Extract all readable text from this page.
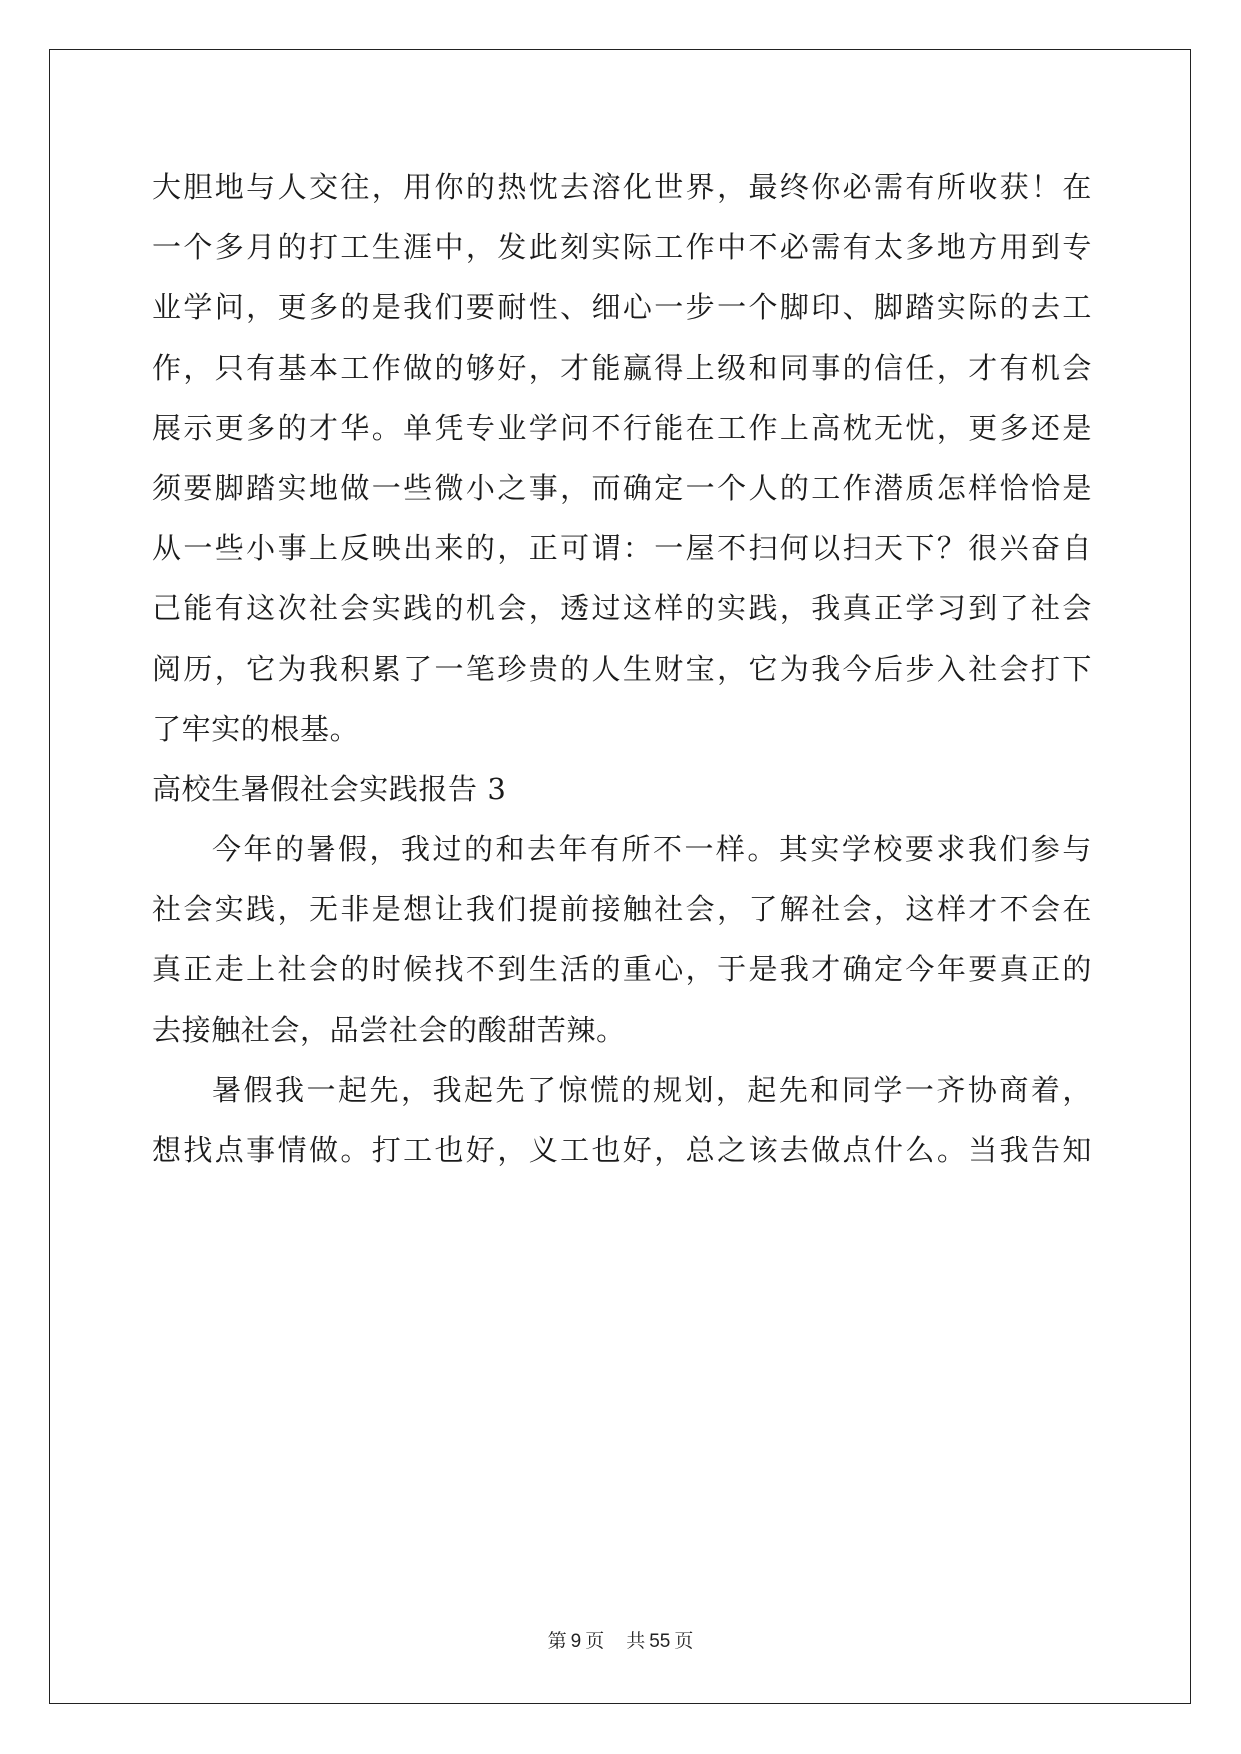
大胆地与人交往，用你的热忱去溶化世界，最终你必需有所收获！在
一个多月的打工生涯中，发此刻实际工作中不必需有太多地方用到专
业学问，更多的是我们要耐性、细心一步一个脚印、脚踏实际的去工
作，只有基本工作做的够好，才能赢得上级和同事的信任，才有机会
展示更多的才华。单凭专业学问不行能在工作上高枕无忧，更多还是
须要脚踏实地做一些微小之事，而确定一个人的工作潜质怎样恰恰是
从一些小事上反映出来的，正可谓：一屋不扫何以扫天下？很兴奋自
己能有这次社会实践的机会，透过这样的实践，我真正学习到了社会
阅历，它为我积累了一笔珍贵的人生财宝，它为我今后步入社会打下
了牢实的根基。
高校生暑假社会实践报告 3
今年的暑假，我过的和去年有所不一样。其实学校要求我们参与
社会实践，无非是想让我们提前接触社会，了解社会，这样才不会在
真正走上社会的时候找不到生活的重心，于是我才确定今年要真正的
去接触社会，品尝社会的酸甜苦辣。
暑假我一起先，我起先了惊慌的规划，起先和同学一齐协商着，
想找点事情做。打工也好，义工也好，总之该去做点什么。当我告知
第 9 页 共 55 页
